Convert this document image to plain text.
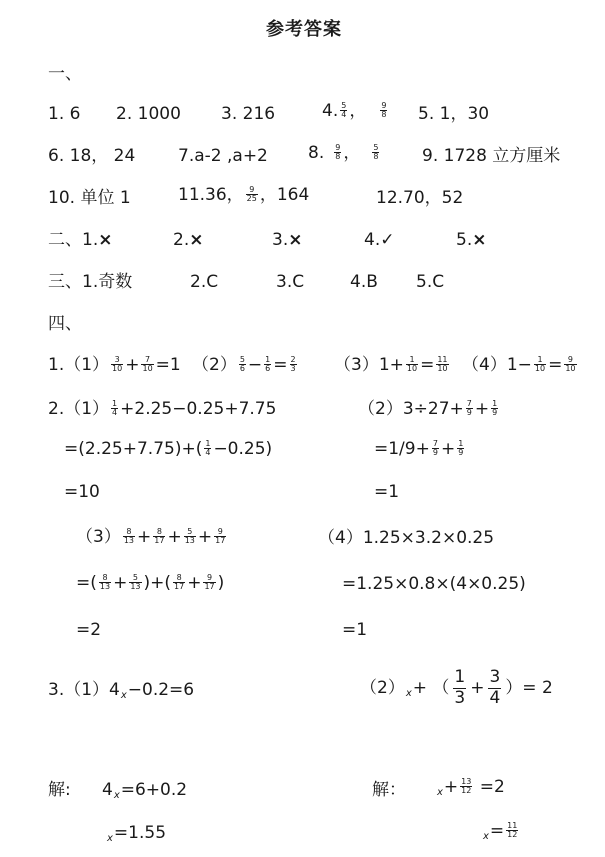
参考答案
一、
1. 6 2. 1000 3. 216	4. $\frac{5}{4}$ ， $\frac{9}{8} 5$. 1，30
6. 18， 24	7.a-2 ,a+2 8. $\frac{9}{8}$ ， $\frac{5}{8}$	9. 1728 立方厘米
10. 单位 1	11.36， $\frac{9}{25}$ ，164	12.70，52
二、1.×	2.×	3.×	4.✓	5.×
三、1.奇数	2.C	3.C	4.B 5.C
四、
$1.(1) \frac{3}{10} + \frac{7}{10} =1$ $(2) \frac{5}{6} - \frac{1}{6} = \frac{2}{3} (3)1+ \frac{1}{10} = \frac{11}{10} (4)1- \frac{1}{10} = \frac{9}{10}$
$2.(1) \frac{1}{4} +2.25-0.25+7.75$
$=(2.25+7.75)+( \frac{1}{4} -0.25)$
=10
$(2)3\div 27+ \frac{7}{9} + \frac{1}{9}$
$=1/9+ \frac{7}{9} + \frac{1}{9}$
=1
$(3) \frac{8}{13} + \frac{8}{17} + \frac{5}{13} + \frac{9}{17}$
=( $\frac{8}{13} + \frac{5}{13}$ )+( $\frac{8}{17} + \frac{9}{17}$ )
=2
（4）1.25×3.2×0.25
=1.25×0.8×(4×0.25)
=1
3.（1）4x−0.2=6	（2）x+ （ $\frac{1}{3} + \frac{3}{4}$ ）= 2
解: 4x=6+0.2
x=1.55
解：	$x+ \frac{13}{12} =2$
$x= \frac{11}{12}$
